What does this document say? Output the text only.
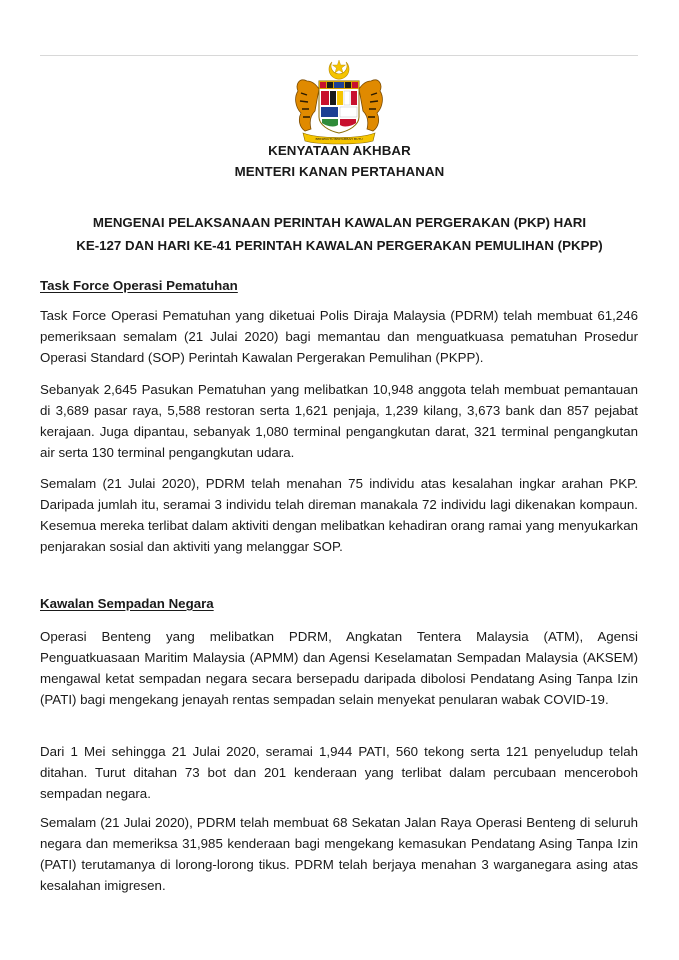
BERSEKUTU BERTAMBAH MUTU
KENYATAAN AKHBAR
MENTERI KANAN PERTAHANAN
MENGENAI PELAKSANAAN PERINTAH KAWALAN PERGERAKAN (PKP) HARI
KE-127 DAN HARI KE-41 PERINTAH KAWALAN PERGERAKAN PEMULIHAN (PKPP)
Task Force Operasi Pematuhan

Task Force Operasi Pematuhan yang diketuai Polis Diraja Malaysia (PDRM) telah membuat 61,246 pemeriksaan semalam (21 Julai 2020) bagi memantau dan menguatkuasa pematuhan Prosedur Operasi Standard (SOP) Perintah Kawalan Pergerakan Pemulihan (PKPP).

Sebanyak 2,645 Pasukan Pematuhan yang melibatkan 10,948 anggota telah membuat pemantauan di 3,689 pasar raya, 5,588 restoran serta 1,621 penjaja, 1,239 kilang, 3,673 bank dan 857 pejabat kerajaan. Juga dipantau, sebanyak 1,080 terminal pengangkutan darat, 321 terminal pengangkutan air serta 130 terminal pengangkutan udara.

Semalam (21 Julai 2020), PDRM telah menahan 75 individu atas kesalahan ingkar arahan PKP. Daripada jumlah itu, seramai 3 individu telah direman manakala 72 individu lagi dikenakan kompaun. Kesemua mereka terlibat dalam aktiviti dengan melibatkan kehadiran orang ramai yang menyukarkan penjarakan sosial dan aktiviti yang melanggar SOP.

Kawalan Sempadan Negara

Operasi Benteng yang melibatkan PDRM, Angkatan Tentera Malaysia (ATM), Agensi Penguatkuasaan Maritim Malaysia (APMM) dan Agensi Keselamatan Sempadan Malaysia (AKSEM) mengawal ketat sempadan negara secara bersepadu daripada dibolosi Pendatang Asing Tanpa Izin (PATI) bagi mengekang jenayah rentas sempadan selain menyekat penularan wabak COVID-19.

Dari 1 Mei sehingga 21 Julai 2020, seramai 1,944 PATI, 560 tekong serta 121 penyeludup telah ditahan. Turut ditahan 73 bot dan 201 kenderaan yang terlibat dalam percubaan menceroboh sempadan negara.

Semalam (21 Julai 2020), PDRM telah membuat 68 Sekatan Jalan Raya Operasi Benteng di seluruh negara dan memeriksa 31,985 kenderaan bagi mengekang kemasukan Pendatang Asing Tanpa Izin (PATI) terutamanya di lorong-lorong tikus. PDRM telah berjaya menahan 3 warganegara asing atas kesalahan imigresen.
